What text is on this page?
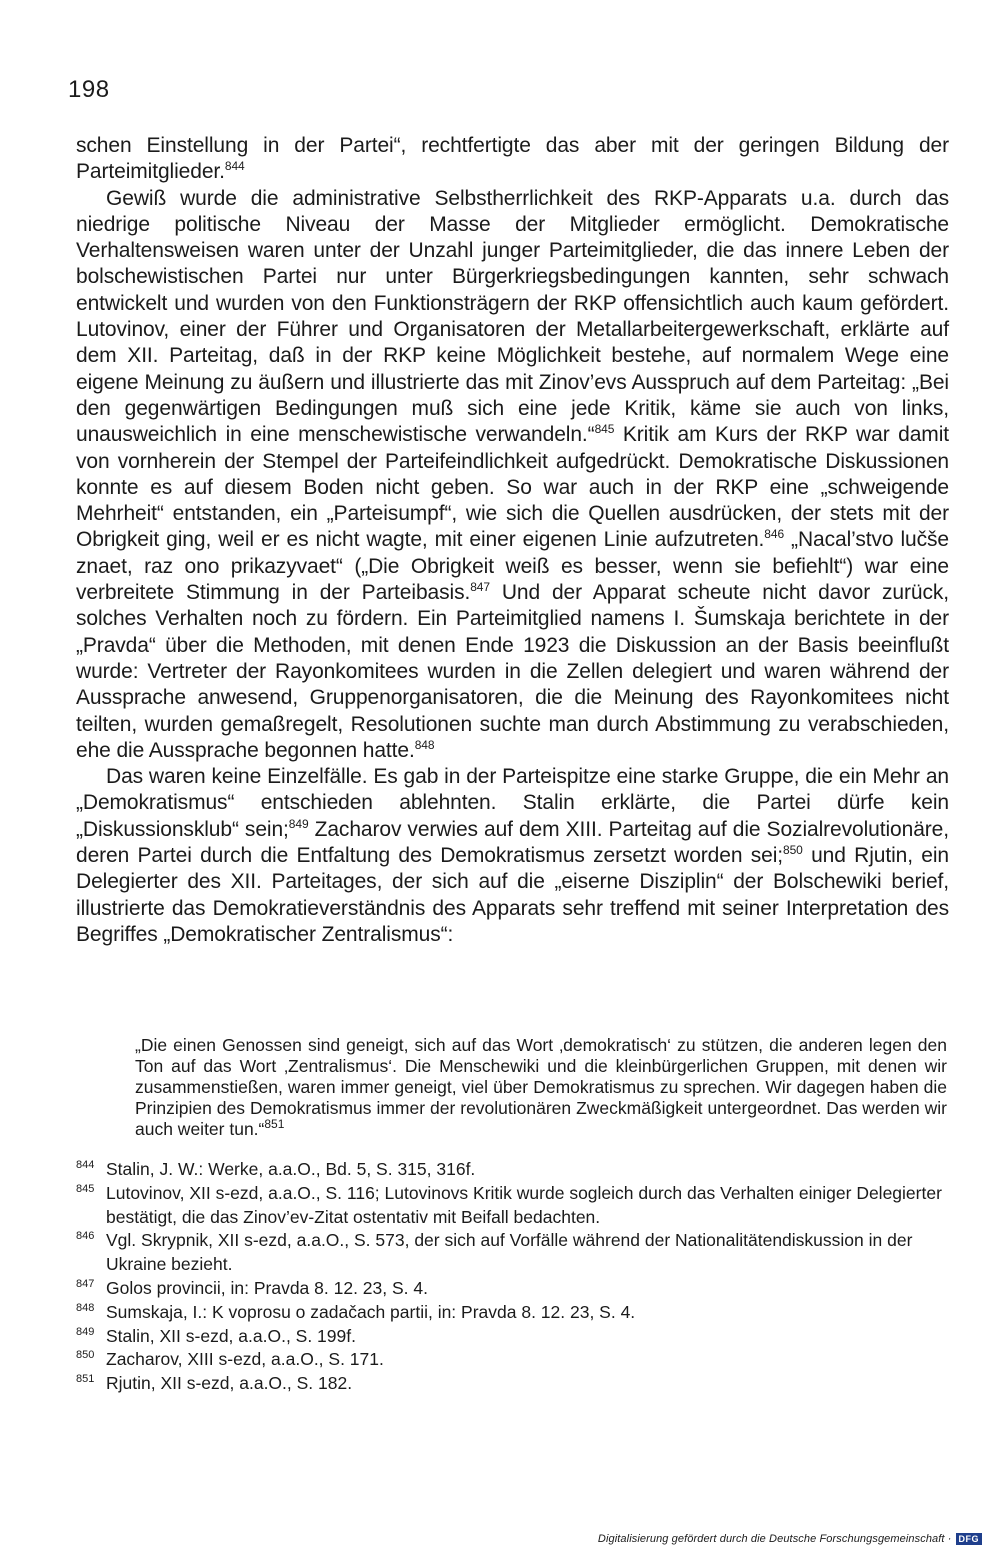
198

schen Einstellung in der Partei“, rechtfertigte das aber mit der geringen Bildung der Parteimitglieder.$^{844}$

Gewiß wurde die administrative Selbstherrlichkeit des RKP-Apparats u.a. durch das niedrige politische Niveau der Masse der Mitglieder ermöglicht. Demokratische Verhaltensweisen waren unter der Unzahl junger Parteimitglieder, die das innere Leben der bolschewistischen Partei nur unter Bürgerkriegsbedingungen kannten, sehr schwach entwickelt und wurden von den Funktionsträgern der RKP offensichtlich auch kaum gefördert. Lutovinov, einer der Führer und Organisatoren der Metallarbeitergewerkschaft, erklärte auf dem XII. Parteitag, daß in der RKP keine Möglichkeit bestehe, auf normalem Wege eine eigene Meinung zu äußern und illustrierte das mit Zinov’evs Ausspruch auf dem Parteitag: „Bei den gegenwärtigen Bedingungen muß sich eine jede Kritik, käme sie auch von links, unausweichlich in eine menschewistische verwandeln.“$^{845}$ Kritik am Kurs der RKP war damit von vornherein der Stempel der Parteifeindlichkeit aufgedrückt. Demokratische Diskussionen konnte es auf diesem Boden nicht geben. So war auch in der RKP eine „schweigende Mehrheit“ entstanden, ein „Parteisumpf“, wie sich die Quellen ausdrücken, der stets mit der Obrigkeit ging, weil er es nicht wagte, mit einer eigenen Linie aufzutreten.$^{846}$ „Nacal’stvo lučše znaet, raz ono prikazyvaet“ („Die Obrigkeit weiß es besser, wenn sie befiehlt“) war eine verbreitete Stimmung in der Parteibasis.$^{847}$ Und der Apparat scheute nicht davor zurück, solches Verhalten noch zu fördern. Ein Parteimitglied namens I. Šumskaja berichtete in der „Pravda“ über die Methoden, mit denen Ende 1923 die Diskussion an der Basis beeinflußt wurde: Vertreter der Rayonkomitees wurden in die Zellen delegiert und waren während der Aussprache anwesend, Gruppenorganisatoren, die die Meinung des Rayonkomitees nicht teilten, wurden gemaßregelt, Resolutionen suchte man durch Abstimmung zu verabschieden, ehe die Aussprache begonnen hatte.$^{848}$

Das waren keine Einzelfälle. Es gab in der Parteispitze eine starke Gruppe, die ein Mehr an „Demokratismus“ entschieden ablehnten. Stalin erklärte, die Partei dürfe kein „Diskussionsklub“ sein;$^{849}$ Zacharov verwies auf dem XIII. Parteitag auf die Sozialrevolutionäre, deren Partei durch die Entfaltung des Demokratismus zersetzt worden sei;$^{850}$ und Rjutin, ein Delegierter des XII. Parteitages, der sich auf die „eiserne Disziplin“ der Bolschewiki berief, illustrierte das Demokratieverständnis des Apparats sehr treffend mit seiner Interpretation des Begriffes „Demokratischer Zentralismus“:

„Die einen Genossen sind geneigt, sich auf das Wort ‚demokratisch‘ zu stützen, die anderen legen den Ton auf das Wort ‚Zentralismus‘. Die Menschewiki und die kleinbürgerlichen Gruppen, mit denen wir zusammenstießen, waren immer geneigt, viel über Demokratismus zu sprechen. Wir dagegen haben die Prinzipien des Demokratismus immer der revolutionären Zweckmäßigkeit untergeordnet. Das werden wir auch weiter tun.“$^{851}$

844 Stalin, J. W.: Werke, a.a.O., Bd. 5, S. 315, 316f.
845 Lutovinov, XII s-ezd, a.a.O., S. 116; Lutovinovs Kritik wurde sogleich durch das Verhalten einiger Delegierter bestätigt, die das Zinov’ev-Zitat ostentativ mit Beifall bedachten.
846 Vgl. Skrypnik, XII s-ezd, a.a.O., S. 573, der sich auf Vorfälle während der Nationalitätendiskussion in der Ukraine bezieht.
847 Golos provincii, in: Pravda 8. 12. 23, S. 4.
848 Sumskaja, I.: K voprosu o zadačach partii, in: Pravda 8. 12. 23, S. 4.
849 Stalin, XII s-ezd, a.a.O., S. 199f.
850 Zacharov, XIII s-ezd, a.a.O., S. 171.
851 Rjutin, XII s-ezd, a.a.O., S. 182.
Digitalisierung gefördert durch die Deutsche Forschungsgemeinschaft · DFG
